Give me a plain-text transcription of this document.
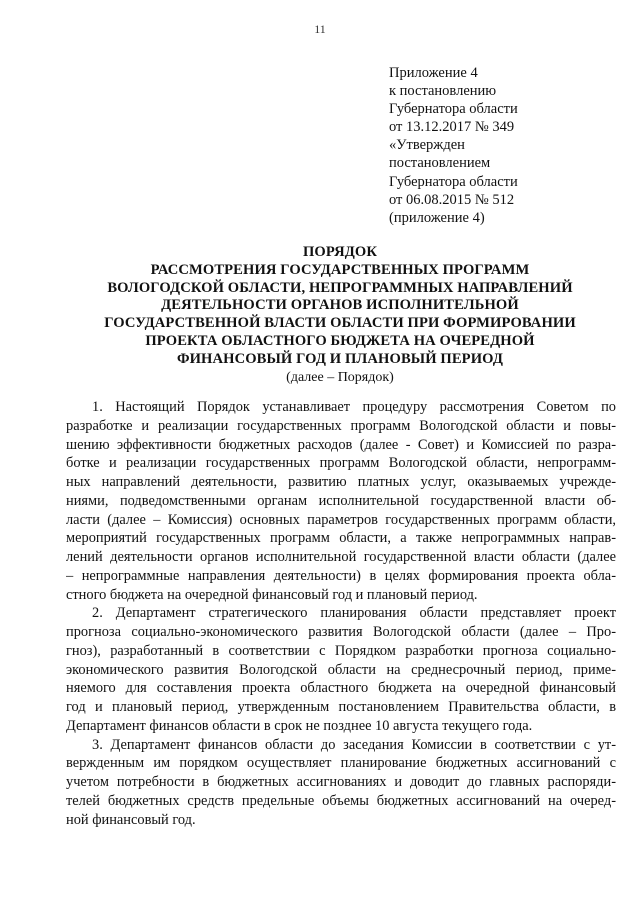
11
Приложение 4
к постановлению
Губернатора области
от 13.12.2017 № 349
«Утвержден
постановлением
Губернатора области
от 06.08.2015 № 512
(приложение 4)
ПОРЯДОК
РАССМОТРЕНИЯ ГОСУДАРСТВЕННЫХ ПРОГРАММ
ВОЛОГОДСКОЙ ОБЛАСТИ, НЕПРОГРАММНЫХ НАПРАВЛЕНИЙ
ДЕЯТЕЛЬНОСТИ ОРГАНОВ ИСПОЛНИТЕЛЬНОЙ
ГОСУДАРСТВЕННОЙ ВЛАСТИ ОБЛАСТИ ПРИ ФОРМИРОВАНИИ
ПРОЕКТА ОБЛАСТНОГО БЮДЖЕТА НА ОЧЕРЕДНОЙ
ФИНАНСОВЫЙ ГОД И ПЛАНОВЫЙ ПЕРИОД
(далее – Порядок)
1. Настоящий Порядок устанавливает процедуру рассмотрения Советом по
разработке и реализации государственных программ Вологодской области и повы-
шению эффективности бюджетных расходов (далее - Совет) и Комиссией по разра-
ботке и реализации государственных программ Вологодской области, непрограмм-
ных направлений деятельности, развитию платных услуг, оказываемых учрежде-
ниями, подведомственными органам исполнительной государственной власти об-
ласти (далее – Комиссия) основных параметров государственных программ области,
мероприятий государственных программ области, а также непрограммных направ-
лений деятельности органов исполнительной государственной власти области (далее
– непрограммные направления деятельности) в целях формирования проекта обла-
стного бюджета на очередной финансовый год и плановый период.
2. Департамент стратегического планирования области представляет проект
прогноза социально-экономического развития Вологодской области (далее – Про-
гноз), разработанный в соответствии с Порядком разработки прогноза социально-
экономического развития Вологодской области на среднесрочный период, приме-
няемого для составления проекта областного бюджета на очередной финансовый
год и плановый период, утвержденным постановлением Правительства области, в
Департамент финансов области в срок не позднее 10 августа текущего года.
3. Департамент финансов области до заседания Комиссии в соответствии с ут-
вержденным им порядком осуществляет планирование бюджетных ассигнований с
учетом потребности в бюджетных ассигнованиях и доводит до главных распоряди-
телей бюджетных средств предельные объемы бюджетных ассигнований на очеред-
ной финансовый год.
